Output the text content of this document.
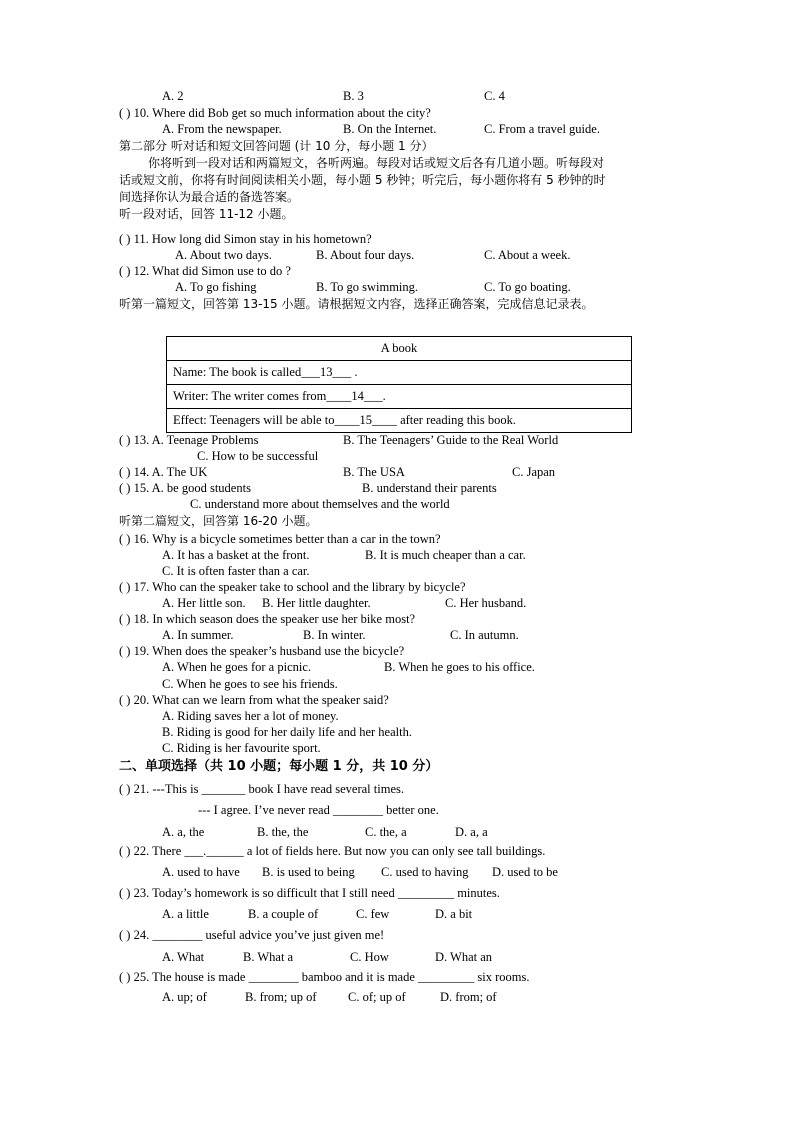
A. 2	B. 3	C. 4
( ) 10. Where did Bob get so much information about the city?
A. From the newspaper.	B. On the Internet.	C. From a travel guide.
第二部分 听对话和短文回答问题 (计 10 分，每小题 1 分）
你将听到一段对话和两篇短文，各听两遍。每段对话或短文后各有几道小题。听每段对
话或短文前，你将有时间阅读相关小题，每小题 5 秒钟；听完后，每小题你将有 5 秒钟的时
间选择你认为最合适的备选答案。
听一段对话，回答 11-12 小题。
( ) 11. How long did Simon stay in his hometown?
A. About two days.	B. About four days.	C. About a week.
( ) 12. What did Simon use to do ?
A. To go fishing	B. To go swimming.	C. To go boating.
听第一篇短文，回答第 13-15 小题。请根据短文内容，选择正确答案，完成信息记录表。
( ) 13. A. Teenage Problems	B. The Teenagers’ Guide to the Real World
C. How to be successful
( ) 14. A. The UK	B. The USA	C. Japan
( ) 15. A. be good students	B. understand their parents
C. understand more about themselves and the world
听第二篇短文，回答第 16-20 小题。
( ) 16. Why is a bicycle sometimes better than a car in the town?
A. It has a basket at the front.	B. It is much cheaper than a car.
C. It is often faster than a car.
( ) 17. Who can the speaker take to school and the library by bicycle?
A. Her little son. B. Her little daughter.	C. Her husband.
( ) 18. In which season does the speaker use her bike most?
A. In summer.	B. In winter.	C. In autumn.
( ) 19. When does the speaker’s husband use the bicycle?
A. When he goes for a picnic.	B. When he goes to his office.
C. When he goes to see his friends.
( ) 20. What can we learn from what the speaker said?
A. Riding saves her a lot of money.
B. Riding is good for her daily life and her health.
C. Riding is her favourite sport.
二、单项选择（共 10 小题；每小题 1 分，共 10 分）
( ) 21. ---This is _______ book I have read several times.
--- I agree. I’ve never read ________ better one.
A. a, the	B. the, the	C. the, a	D. a, a
( ) 22. There ___.______ a lot of fields here. But now you can only see tall buildings.
A. used to have B. is used to being C. used to having D. used to be
( ) 23. Today’s homework is so difficult that I still need _________ minutes.
A. a little	B. a couple of	C. few	D. a bit
( ) 24. ________ useful advice you’ve just given me!
A. What	B. What a	C. How	D. What an
( ) 25. The house is made ________ bamboo and it is made _________ six rooms.
A. up; of	B. from; up of	C. of; up of	D. from; of
A book
Name: The book is called___13___ .
Writer: The writer comes from____14___.
Effect: Teenagers will be able to____15____ after reading this book.
